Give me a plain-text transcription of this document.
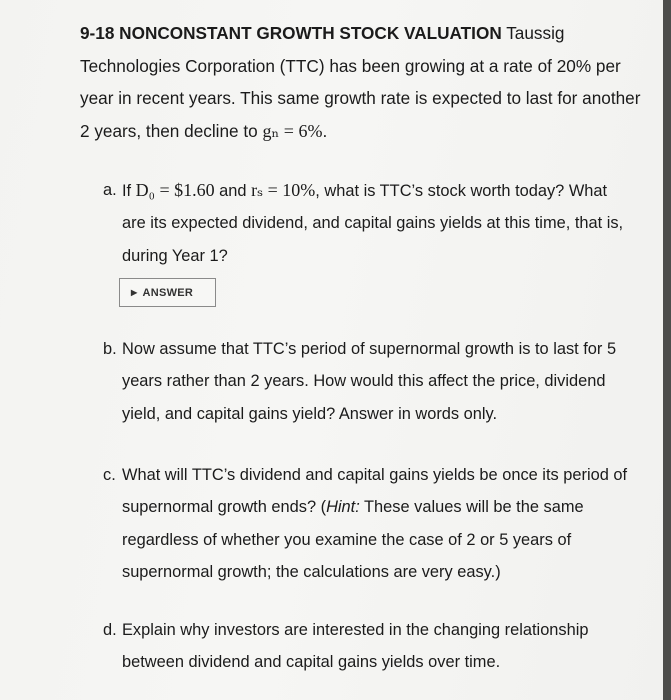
9-18 NONCONSTANT GROWTH STOCK VALUATION Taussig Technologies Corporation (TTC) has been growing at a rate of 20% per year in recent years. This same growth rate is expected to last for another 2 years, then decline to gₙ = 6%.
a. If D₀ = $1.60 and rₛ = 10%, what is TTC’s stock worth today? What are its expected dividend, and capital gains yields at this time, that is, during Year 1?
▶ ANSWER
b. Now assume that TTC’s period of supernormal growth is to last for 5 years rather than 2 years. How would this affect the price, dividend yield, and capital gains yield? Answer in words only.
c. What will TTC’s dividend and capital gains yields be once its period of supernormal growth ends? (Hint: These values will be the same regardless of whether you examine the case of 2 or 5 years of supernormal growth; the calculations are very easy.)
d. Explain why investors are interested in the changing relationship between dividend and capital gains yields over time.
